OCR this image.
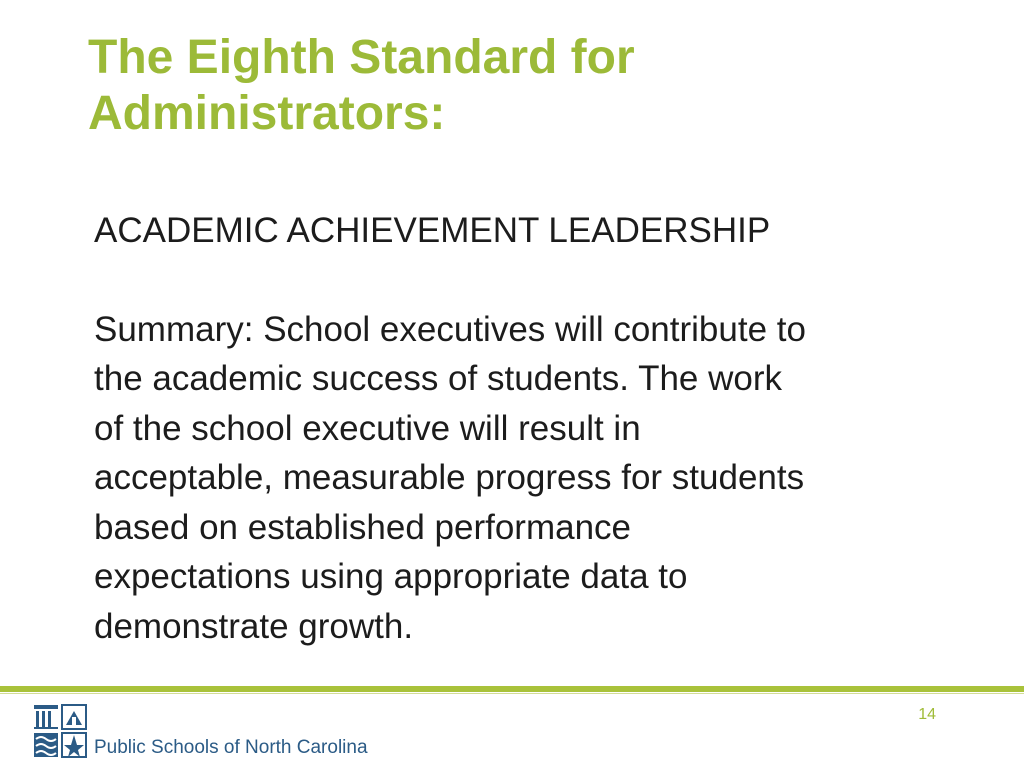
The Eighth Standard for
Administrators:

ACADEMIC ACHIEVEMENT LEADERSHIP

Summary: School executives will contribute to
the academic success of students. The work
of the school executive will result in
acceptable, measurable progress for students
based on established performance
expectations using appropriate data to
demonstrate growth.

14
Public Schools of North Carolina
